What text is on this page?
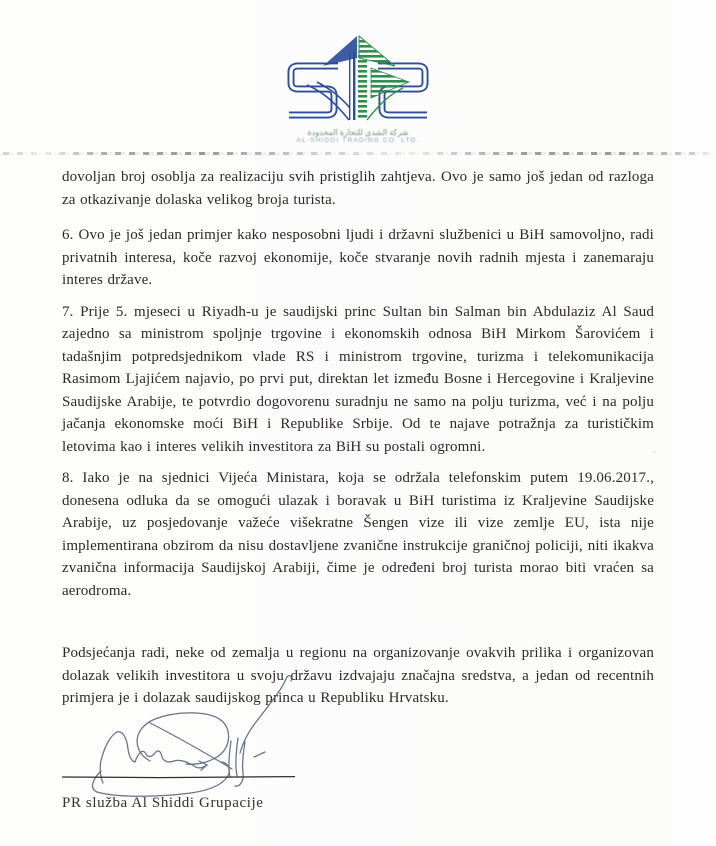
شركة الشدي للتجارة المحدودة
AL-SHIDDI TRADING CO. LTD.

dovoljan broj osoblja za realizaciju svih pristiglih zahtjeva. Ovo je samo još jedan od razloga za otkazivanje dolaska velikog broja turista.

6. Ovo je još jedan primjer kako nesposobni ljudi i državni službenici u BiH samovoljno, radi privatnih interesa, koče razvoj ekonomije, koče stvaranje novih radnih mjesta i zanemaraju interes države.

7. Prije 5. mjeseci u Riyadh-u je saudijski princ Sultan bin Salman bin Abdulaziz Al Saud zajedno sa ministrom spoljnje trgovine i ekonomskih odnosa BiH Mirkom Šarovićem i tadašnjim potpredsjednikom vlade RS i ministrom trgovine, turizma i telekomunikacija Rasimom Ljajićem najavio, po prvi put, direktan let između Bosne i Hercegovine i Kraljevine Saudijske Arabije, te potvrdio dogovorenu suradnju ne samo na polju turizma, već i na polju jačanja ekonomske moći BiH i Republike Srbije. Od te najave potražnja za turističkim letovima kao i interes velikih investitora za BiH su postali ogromni.

8. Iako je na sjednici Vijeća Ministara, koja se održala telefonskim putem 19.06.2017., donesena odluka da se omogući ulazak i boravak u BiH turistima iz Kraljevine Saudijske Arabije, uz posjedovanje važeće višekratne Šengen vize ili vize zemlje EU, ista nije implementirana obzirom da nisu dostavljene zvanične instrukcije graničnoj policiji, niti ikakva zvanična informacija Saudijskoj Arabiji, čime je određeni broj turista morao biti vraćen sa aerodroma.

Podsjećanja radi, neke od zemalja u regionu na organizovanje ovakvih prilika i organizovan dolazak velikih investitora u svoju državu izdvajaju značajna sredstva, a jedan od recentnih primjera je i dolazak saudijskog princa u Republiku Hrvatsku.

ʼ
PR služba Al Shiddi Grupacije
